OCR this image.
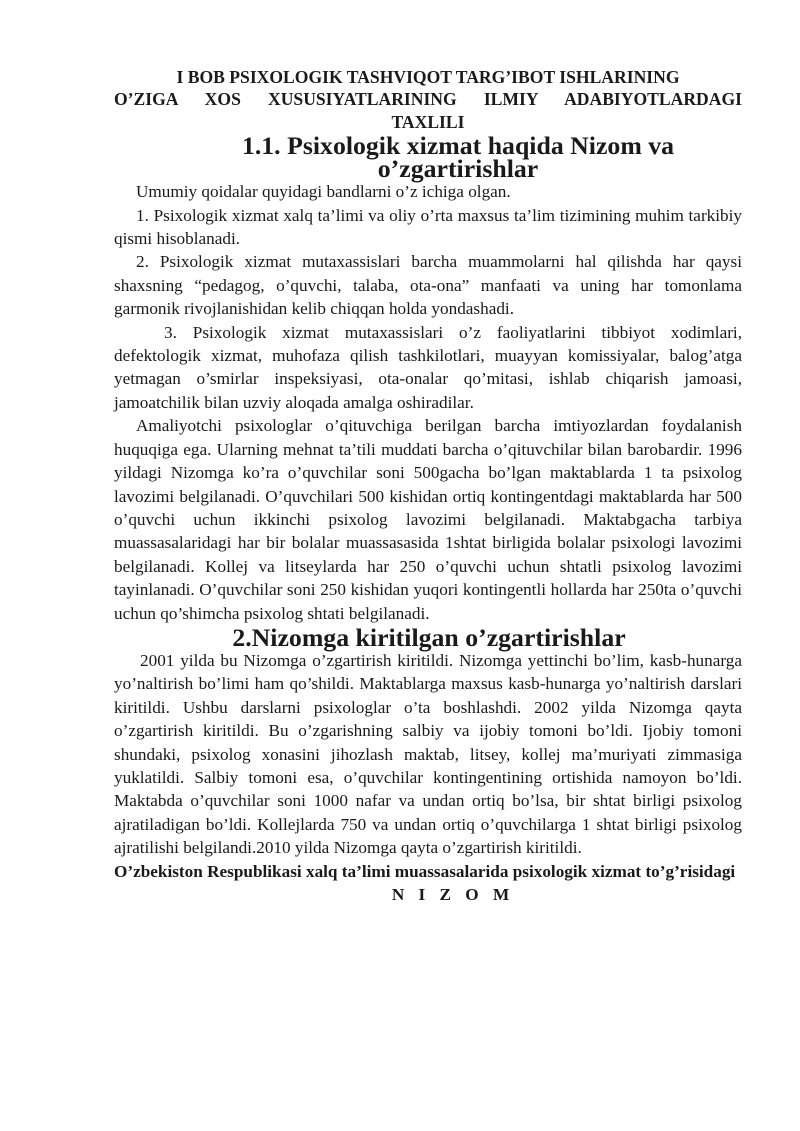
I BOB PSIXOLOGIK TASHVIQOT TARG’IBOT ISHLARINING
O’ZIGA XOS XUSUSIYATLARINING ILMIY ADABIYOTLARDAGI
TAXLILI
1.1. Psixologik xizmat haqida Nizom va o’zgartirishlar

Umumiy qoidalar quyidagi bandlarni o’z ichiga olgan.

1. Psixologik xizmat xalq ta’limi va oliy o’rta maxsus ta’lim tizimining muhim tarkibiy qismi hisoblanadi.

2. Psixologik xizmat mutaxassislari barcha muammolarni hal qilishda har qaysi shaxsning “pedagog, o’quvchi, talaba, ota-ona” manfaati va uning har tomonlama garmonik rivojlanishidan kelib chiqqan holda yondashadi.

3. Psixologik xizmat mutaxassislari o’z faoliyatlarini tibbiyot xodimlari, defektologik xizmat, muhofaza qilish tashkilotlari, muayyan komissiyalar, balog’atga yetmagan o’smirlar inspeksiyasi, ota-onalar qo’mitasi, ishlab chiqarish jamoasi, jamoatchilik bilan uzviy aloqada amalga oshiradilar.

Amaliyotchi psixologlar o’qituvchiga berilgan barcha imtiyozlardan foydalanish huquqiga ega. Ularning mehnat ta’tili muddati barcha o’qituvchilar bilan barobardir. 1996 yildagi Nizomga ko’ra o’quvchilar soni 500gacha bo’lgan maktablarda 1 ta psixolog lavozimi belgilanadi. O’quvchilari 500 kishidan ortiq kontingentdagi maktablarda har 500 o’quvchi uchun ikkinchi psixolog lavozimi belgilanadi. Maktabgacha tarbiya muassasalaridagi har bir bolalar muassasasida 1shtat birligida bolalar psixologi lavozimi belgilanadi. Kollej va litseylarda har 250 o’quvchi uchun shtatli psixolog lavozimi tayinlanadi. O’quvchilar soni 250 kishidan yuqori kontingentli hollarda har 250ta o’quvchi uchun qo’shimcha psixolog shtati belgilanadi.

2.Nizomga kiritilgan o’zgartirishlar

2001 yilda bu Nizomga o’zgartirish kiritildi. Nizomga yettinchi bo’lim, kasb-hunarga yo’naltirish bo’limi ham qo’shildi. Maktablarga maxsus kasb-hunarga yo’naltirish darslari kiritildi. Ushbu darslarni psixologlar o’ta boshlashdi. 2002 yilda Nizomga qayta o’zgartirish kiritildi. Bu o’zgarishning salbiy va ijobiy tomoni bo’ldi. Ijobiy tomoni shundaki, psixolog xonasini jihozlash maktab, litsey, kollej ma’muriyati zimmasiga yuklatildi. Salbiy tomoni esa, o’quvchilar kontingentining ortishida namoyon bo’ldi. Maktabda o’quvchilar soni 1000 nafar va undan ortiq bo’lsa, bir shtat birligi psixolog ajratiladigan bo’ldi. Kollejlarda 750 va undan ortiq o’quvchilarga 1 shtat birligi psixolog ajratilishi belgilandi.2010 yilda Nizomga qayta o’zgartirish kiritildi.

O’zbekiston Respublikasi xalq ta’limi muassasalarida psixologik xizmat to’g’risidagi

N I Z O M
